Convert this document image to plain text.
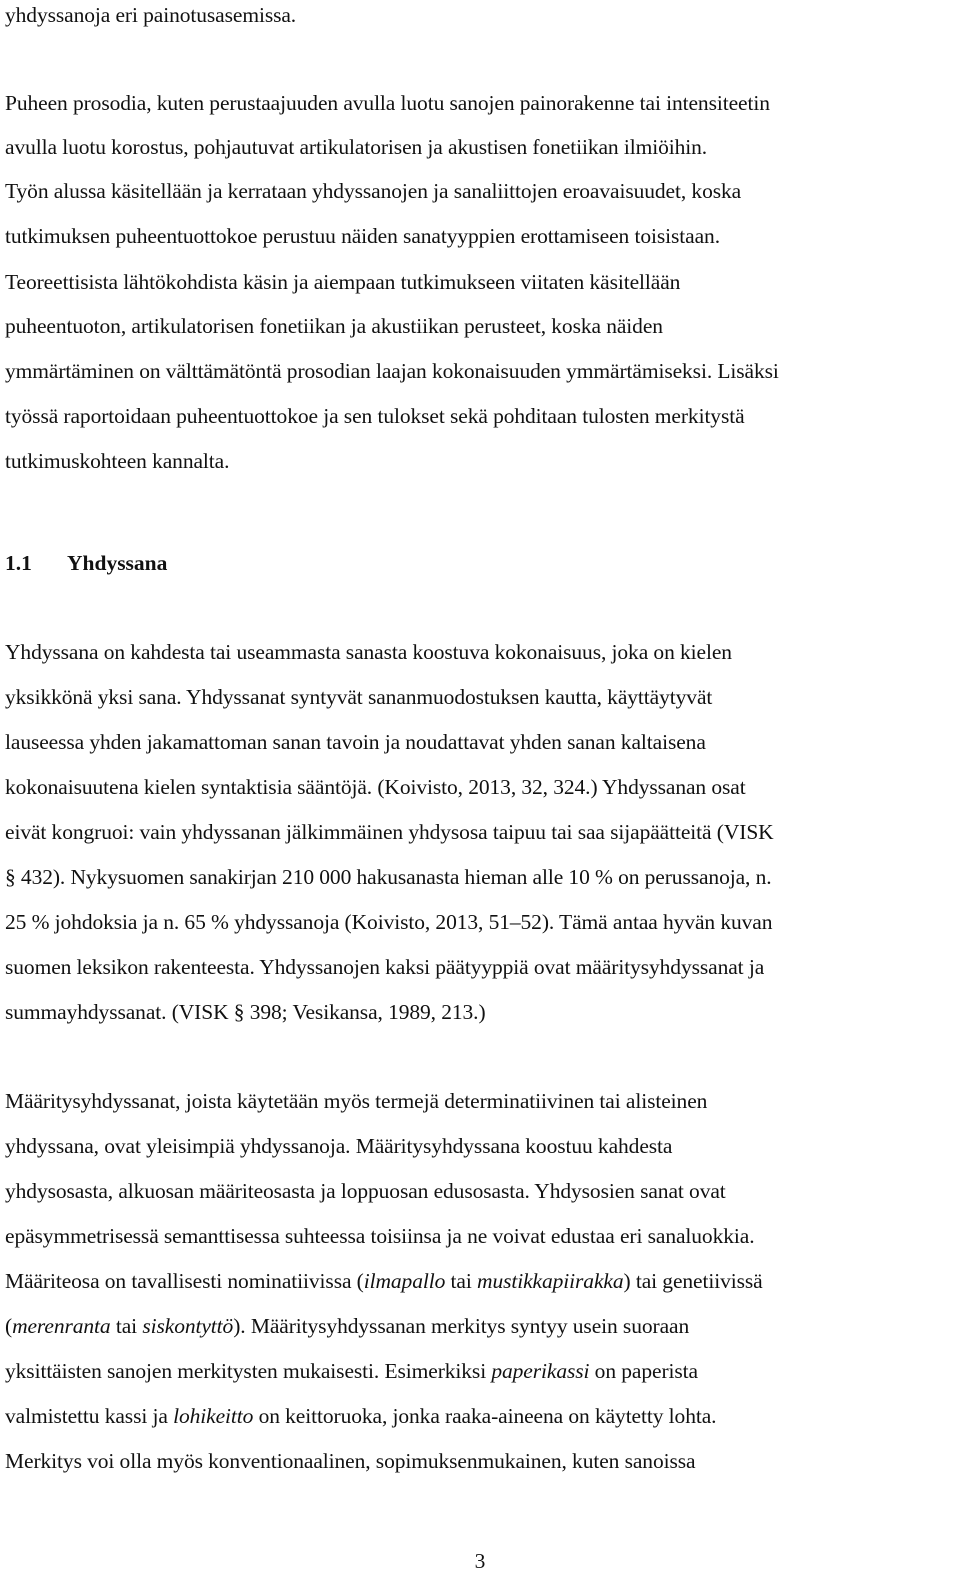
yhdyssanoja eri painotusasemissa.
Puheen prosodia, kuten perustaajuuden avulla luotu sanojen painorakenne tai intensiteetin
avulla luotu korostus, pohjautuvat artikulatorisen ja akustisen fonetiikan ilmiöihin.
Työn alussa käsitellään ja kerrataan yhdyssanojen ja sanaliittojen eroavaisuudet, koska
tutkimuksen puheentuottokoe perustuu näiden sanatyyppien erottamiseen toisistaan.
Teoreettisista lähtökohdista käsin ja aiempaan tutkimukseen viitaten käsitellään
puheentuoton, artikulatorisen fonetiikan ja akustiikan perusteet, koska näiden
ymmärtäminen on välttämätöntä prosodian laajan kokonaisuuden ymmärtämiseksi. Lisäksi
työssä raportoidaan puheentuottokoe ja sen tulokset sekä pohditaan tulosten merkitystä
tutkimuskohteen kannalta.
1.1 Yhdyssana
Yhdyssana on kahdesta tai useammasta sanasta koostuva kokonaisuus, joka on kielen
yksikkönä yksi sana. Yhdyssanat syntyvät sananmuodostuksen kautta, käyttäytyvät
lauseessa yhden jakamattoman sanan tavoin ja noudattavat yhden sanan kaltaisena
kokonaisuutena kielen syntaktisia sääntöjä. (Koivisto, 2013, 32, 324.) Yhdyssanan osat
eivät kongruoi: vain yhdyssanan jälkimmäinen yhdysosa taipuu tai saa sijapäätteitä (VISK
§ 432). Nykysuomen sanakirjan 210 000 hakusanasta hieman alle 10 % on perussanoja, n.
25 % johdoksia ja n. 65 % yhdyssanoja (Koivisto, 2013, 51–52). Tämä antaa hyvän kuvan
suomen leksikon rakenteesta. Yhdyssanojen kaksi päätyyppiä ovat määritysyhdyssanat ja
summayhdyssanat. (VISK § 398; Vesikansa, 1989, 213.)
Määritysyhdyssanat, joista käytetään myös termejä determinatiivinen tai alisteinen
yhdyssana, ovat yleisimpiä yhdyssanoja. Määritysyhdyssana koostuu kahdesta
yhdysosasta, alkuosan määriteosasta ja loppuosan edusosasta. Yhdysosien sanat ovat
epäsymmetrisessä semanttisessa suhteessa toisiinsa ja ne voivat edustaa eri sanaluokkia.
Määriteosa on tavallisesti nominatiivissa (ilmapallo tai mustikkapiirakka) tai genetiivissä
(merenranta tai siskontyttö). Määritysyhdyssanan merkitys syntyy usein suoraan
yksittäisten sanojen merkitysten mukaisesti. Esimerkiksi paperikassi on paperista
valmistettu kassi ja lohikeitto on keittoruoka, jonka raaka-aineena on käytetty lohta.
Merkitys voi olla myös konventionaalinen, sopimuksenmukainen, kuten sanoissa
3
